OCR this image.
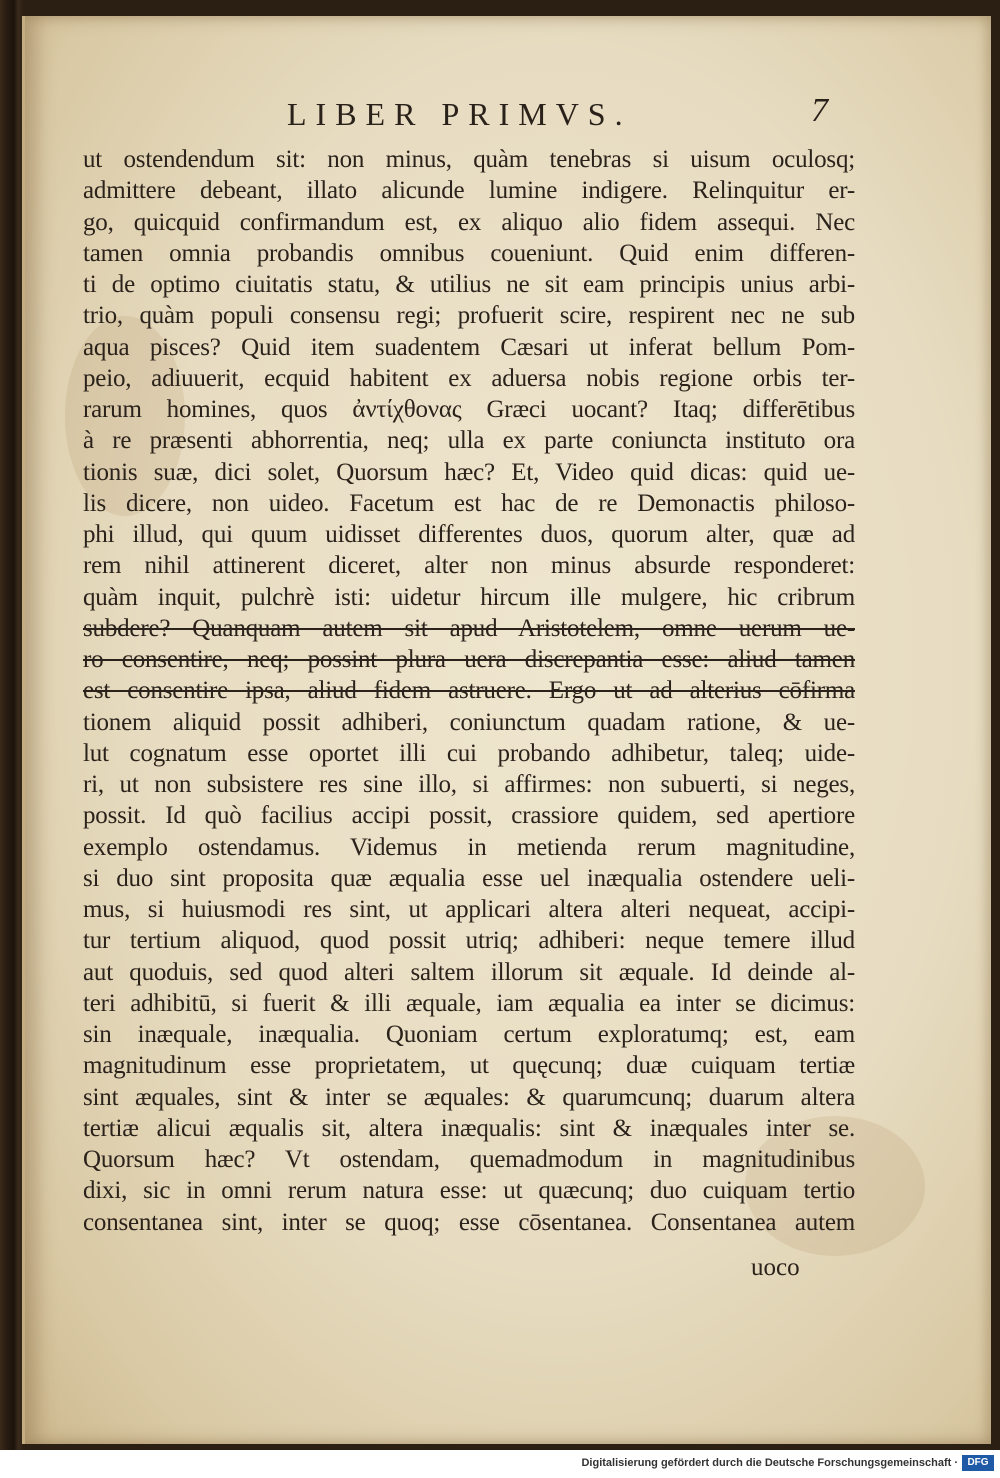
LIBER PRIMVS.	7
ut ostendendum sit: non minus, quàm tenebras si uisum oculosq;
admittere debeant, illato alicunde lumine indigere. Relinquitur er-
go, quicquid confirmandum est, ex aliquo alio fidem assequi. Nec
tamen omnia probandis omnibus coueniunt. Quid enim differen-
ti de optimo ciuitatis statu, & utilius ne sit eam principis unius arbi-
trio, quàm populi consensu regi; profuerit scire, respirent nec ne sub
aqua pisces? Quid item suadentem Cæsari ut inferat bellum Pom-
peio, adiuuerit, ecquid habitent ex aduersa nobis regione orbis ter-
rarum homines, quos ἀντίχθονας Græci uocant? Itaq; differētibus
à re præsenti abhorrentia, neq; ulla ex parte coniuncta instituto ora
tionis suæ, dici solet, Quorsum hæc? Et, Video quid dicas: quid ue-
lis dicere, non uideo. Facetum est hac de re Demonactis philoso-
phi illud, qui quum uidisset differentes duos, quorum alter, quæ ad
rem nihil attinerent diceret, alter non minus absurde responderet:
quàm inquit, pulchrè isti: uidetur hircum ille mulgere, hic cribrum
subdere? Quanquam autem sit apud Aristotelem, omne uerum ue-
ro consentire, neq; possint plura uera discrepantia esse: aliud tamen
est consentire ipsa, aliud fidem astruere. Ergo ut ad alterius cōfirma
tionem aliquid possit adhiberi, coniunctum quadam ratione, & ue-
lut cognatum esse oportet illi cui probando adhibetur, taleq; uide-
ri, ut non subsistere res sine illo, si affirmes: non subuerti, si neges,
possit. Id quò facilius accipi possit, crassiore quidem, sed apertiore
exemplo ostendamus. Videmus in metienda rerum magnitudine,
si duo sint proposita quæ æqualia esse uel inæqualia ostendere ueli-
mus, si huiusmodi res sint, ut applicari altera alteri nequeat, accipi-
tur tertium aliquod, quod possit utriq; adhiberi: neque temere illud
aut quoduis, sed quod alteri saltem illorum sit æquale. Id deinde al-
teri adhibitū, si fuerit & illi æquale, iam æqualia ea inter se dicimus:
sin inæquale, inæqualia. Quoniam certum exploratumq; est, eam
magnitudinum esse proprietatem, ut quęcunq; duæ cuiquam tertiæ
sint æquales, sint & inter se æquales: & quarumcunq; duarum altera
tertiæ alicui æqualis sit, altera inæqualis: sint & inæquales inter se.
Quorsum hæc? Vt ostendam, quemadmodum in magnitudinibus
dixi, sic in omni rerum natura esse: ut quæcunq; duo cuiquam tertio
consentanea sint, inter se quoq; esse cōsentanea. Consentanea autem
uoco
Digitalisierung gefördert durch die Deutsche Forschungsgemeinschaft · DFG
